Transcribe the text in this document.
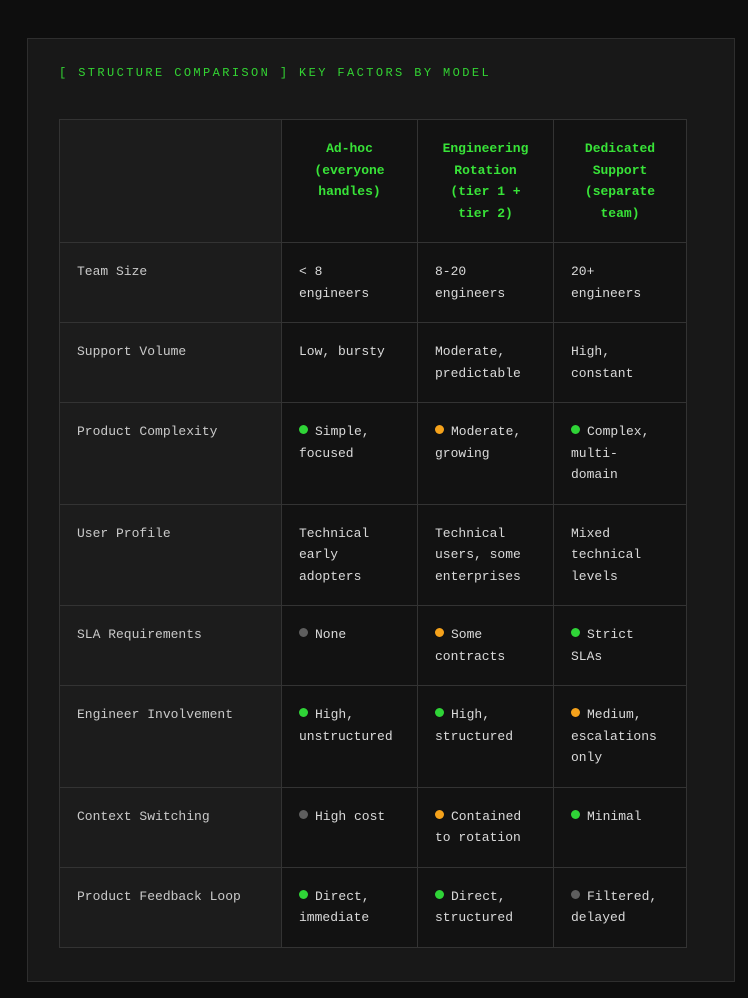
[ STRUCTURE COMPARISON ] KEY FACTORS BY MODEL
	Ad-hoc (everyone handles)	Engineering Rotation (tier 1 + tier 2)	Dedicated Support (separate team)
Team Size	< 8 engineers	8-20 engineers	20+ engineers

Support Volume	Low, bursty	Moderate, predictable	High, constant

Product Complexity	Simple, focused	Moderate, growing	Complex, multi-domain

User Profile	Technical early adopters	Technical users, some enterprises	Mixed technical levels

SLA Requirements	None	Some contracts	Strict SLAs

Engineer Involvement	High, unstructured	High, structured	Medium, escalations only

Context Switching	High cost	Contained to rotation	Minimal

Product Feedback Loop	Direct, immediate	Direct, structured	Filtered, delayed
